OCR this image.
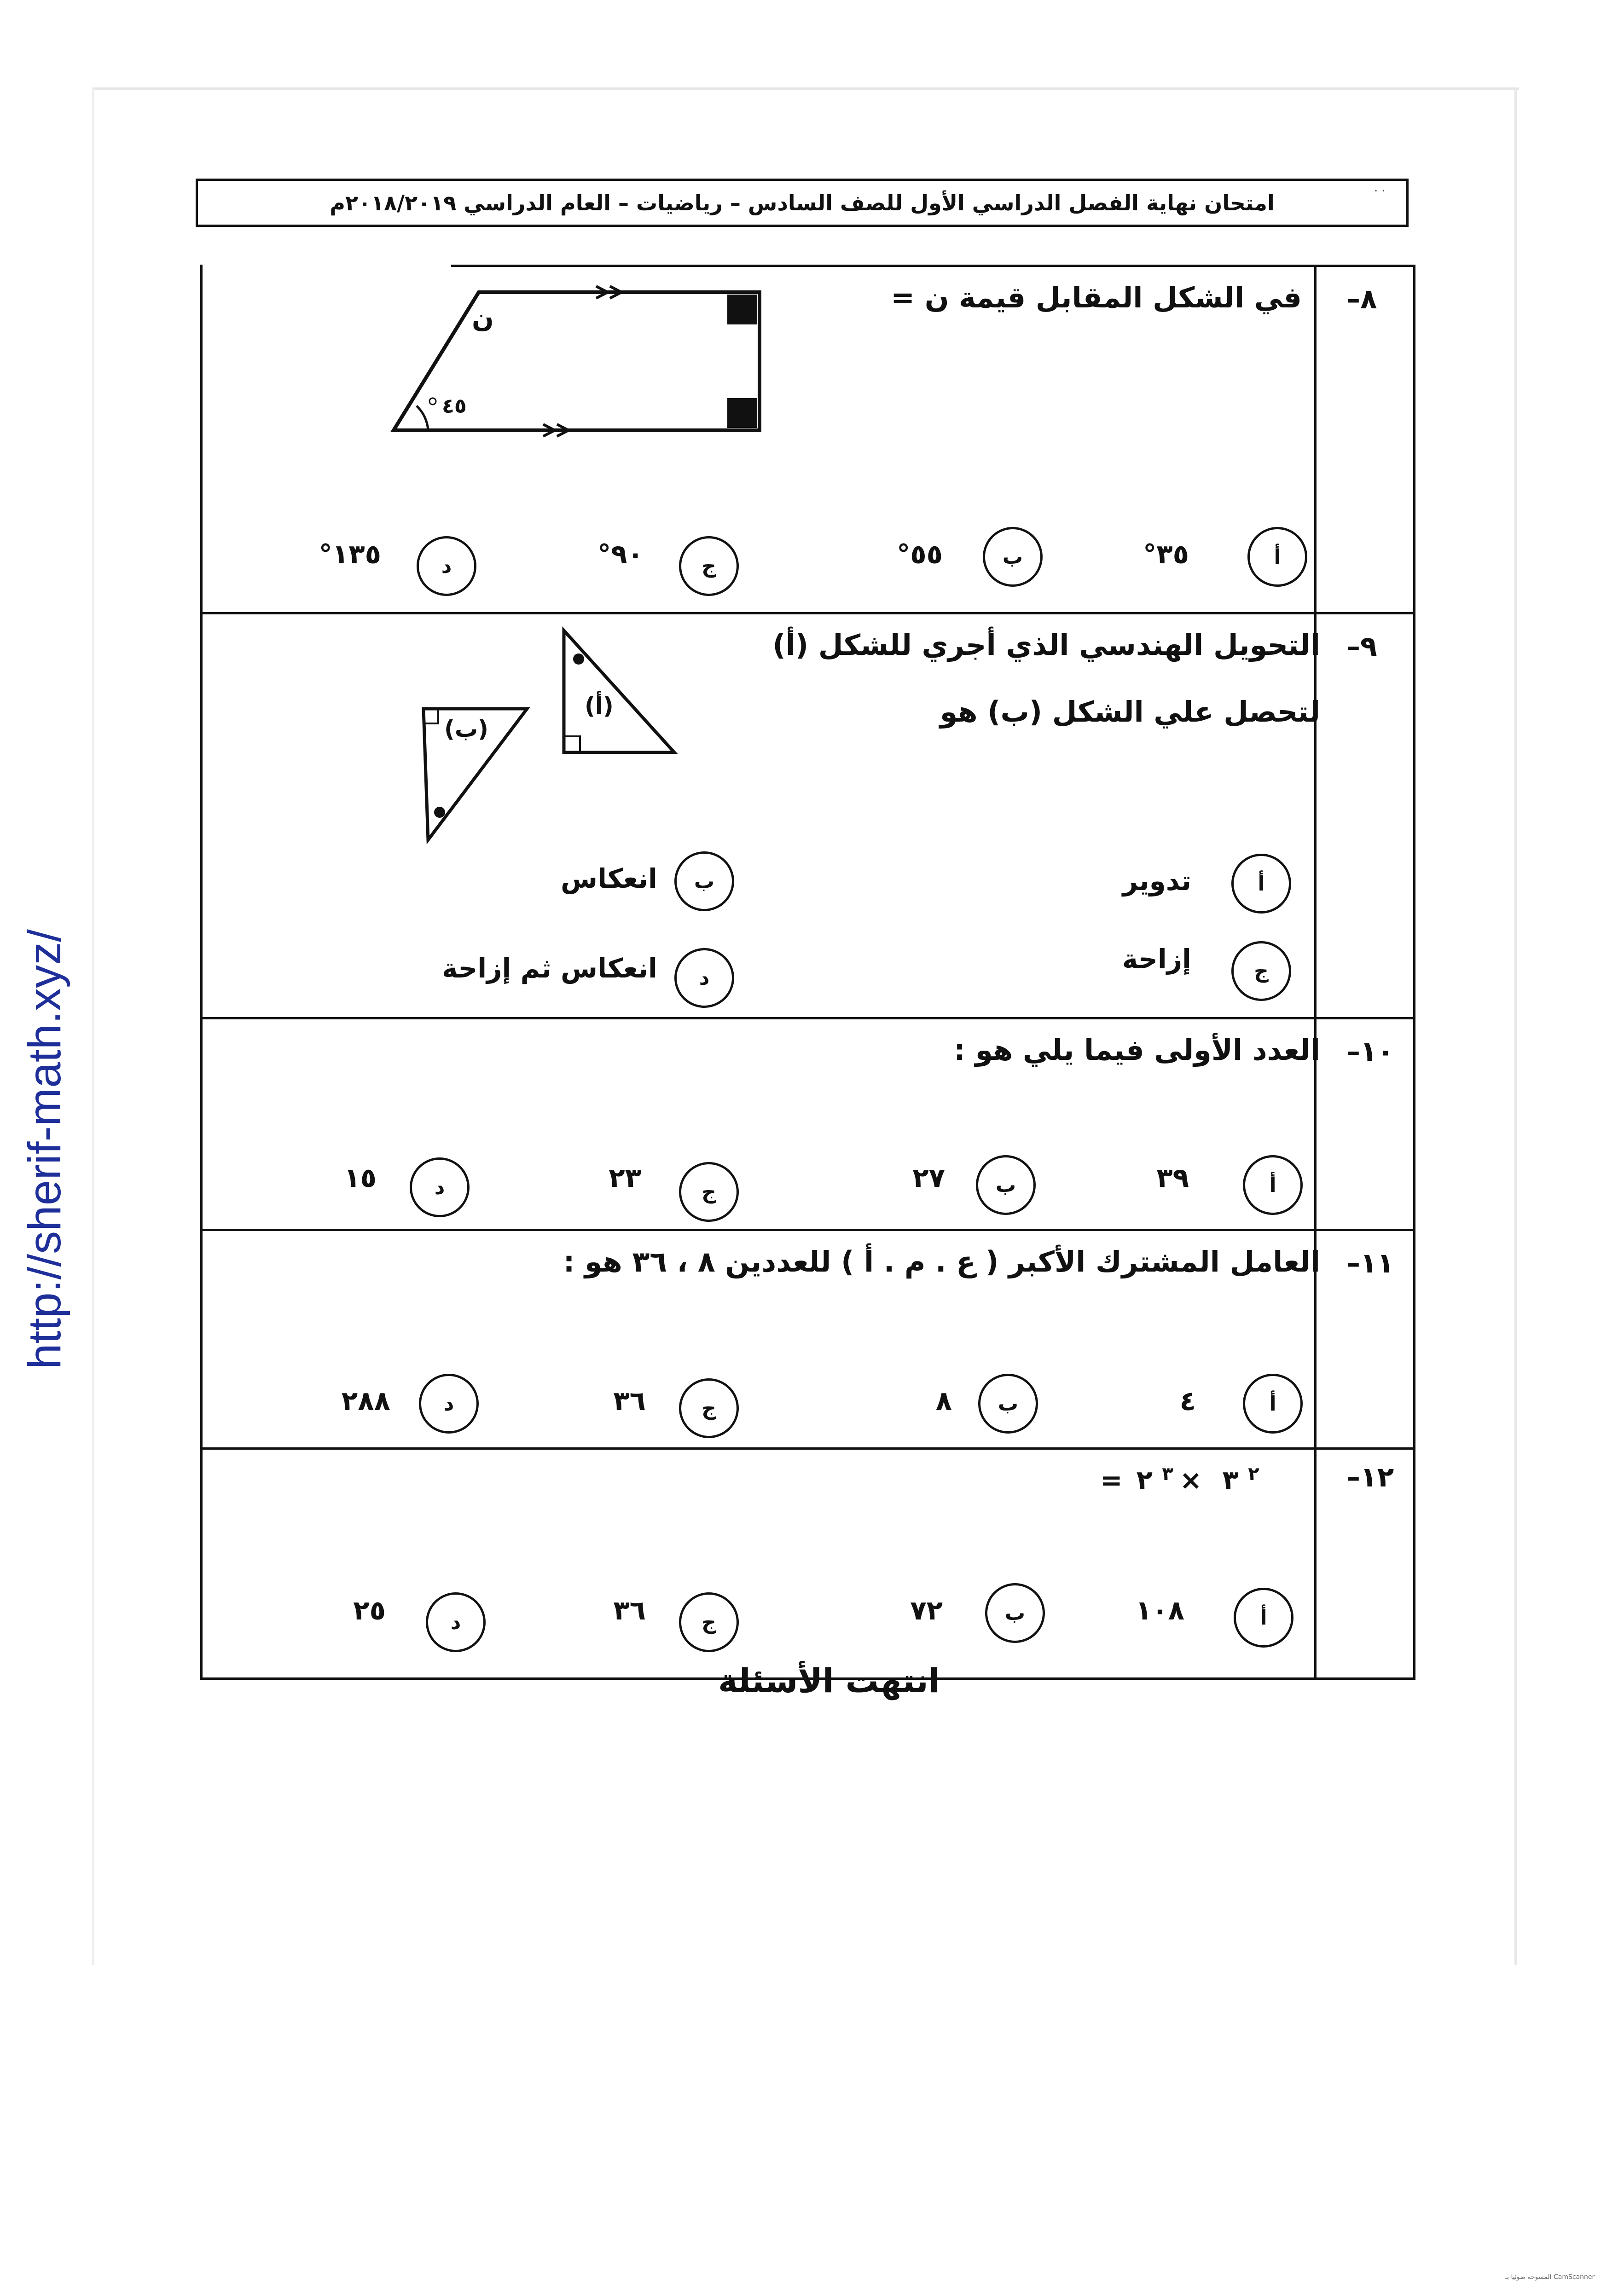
امتحان نهاية الفصل الدراسي الأول للصف السادس – رياضيات – العام الدراسي ٢٠١٨/٢٠١٩م
. .
٨–
في الشكل المقابل قيمة ن =
٤٥
ن
أ
٣٥°
ب
٥٥°
ج
٩٠°
د
١٣٥°
٩–
التحويل الهندسي الذي أجري للشكل (أ)
لتحصل علي الشكل (ب) هو
(أ)
(ب)
أ
تدوير
ب
انعكاس
ج
إزاحة
د
انعكاس ثم إزاحة
١٠–
العدد الأولى فيما يلي هو :
أ
٣٩
ب
٢٧
ج
٢٣
د
١٥
١١–
العامل المشترك الأكبر ( ع . م . أ ) للعددين ٨ ، ٣٦ هو :
أ
٤
ب
٨
ج
٣٦
د
٢٨٨
١٢–
=	$^٢$ ٣ ×$^٣$ ٢
أ
١٠٨
ب
٧٢
ج
٣٦
د
٢٥
انتهت الأسئلة
http://sherif-math.xyz/
CamScanner المسوحة ضوئيا بـ
